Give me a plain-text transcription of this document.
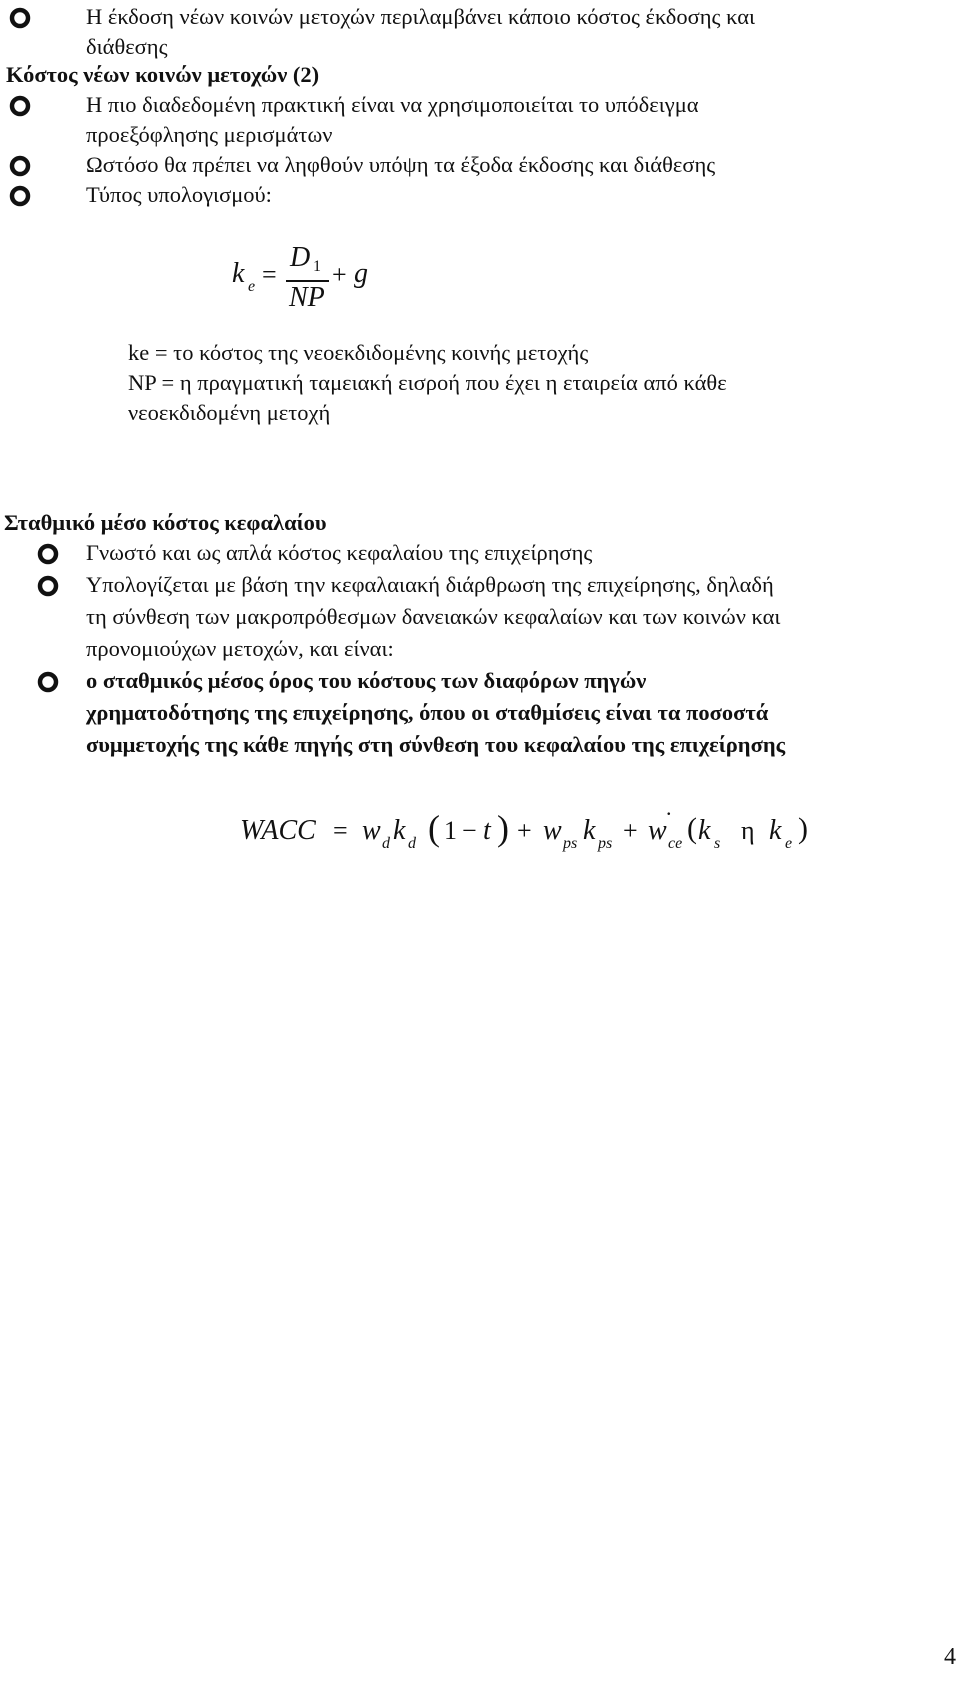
Η έκδοση νέων κοινών μετοχών περιλαμβάνει κάποιο κόστος έκδοσης και
διάθεσης
Κόστος νέων κοινών μετοχών (2)
Η πιο διαδεδομένη πρακτική είναι να χρησιμοποιείται το υπόδειγμα
προεξόφλησης μερισμάτων
Ωστόσο θα πρέπει να ληφθούν υπόψη τα έξοδα έκδοσης και διάθεσης
Τύπος υπολογισμού:
k e =
D 1
NP
+ g
ke = το κόστος της νεοεκδιδομένης κοινής μετοχής
NP = η πραγματική ταμειακή εισροή που έχει η εταιρεία από κάθε
νεοεκδιδομένη μετοχή
Σταθμικό μέσο κόστος κεφαλαίου
Γνωστό και ως απλά κόστος κεφαλαίου της επιχείρησης
Υπολογίζεται με βάση την κεφαλαιακή διάρθρωση της επιχείρησης, δηλαδή
τη σύνθεση των μακροπρόθεσμων δανειακών κεφαλαίων και των κοινών και
προνομιούχων μετοχών, και είναι:
ο σταθμικός μέσος όρος του κόστους των διαφόρων πηγών
χρηματοδότησης της επιχείρησης, όπου οι σταθμίσεις είναι τα ποσοστά
συμμετοχής της κάθε πηγής στη σύνθεση του κεφαλαίου της επιχείρησης
WACC = w d k d ( 1 − t ) + w ps k ps + w ce ( k s
.
η k e )
4
